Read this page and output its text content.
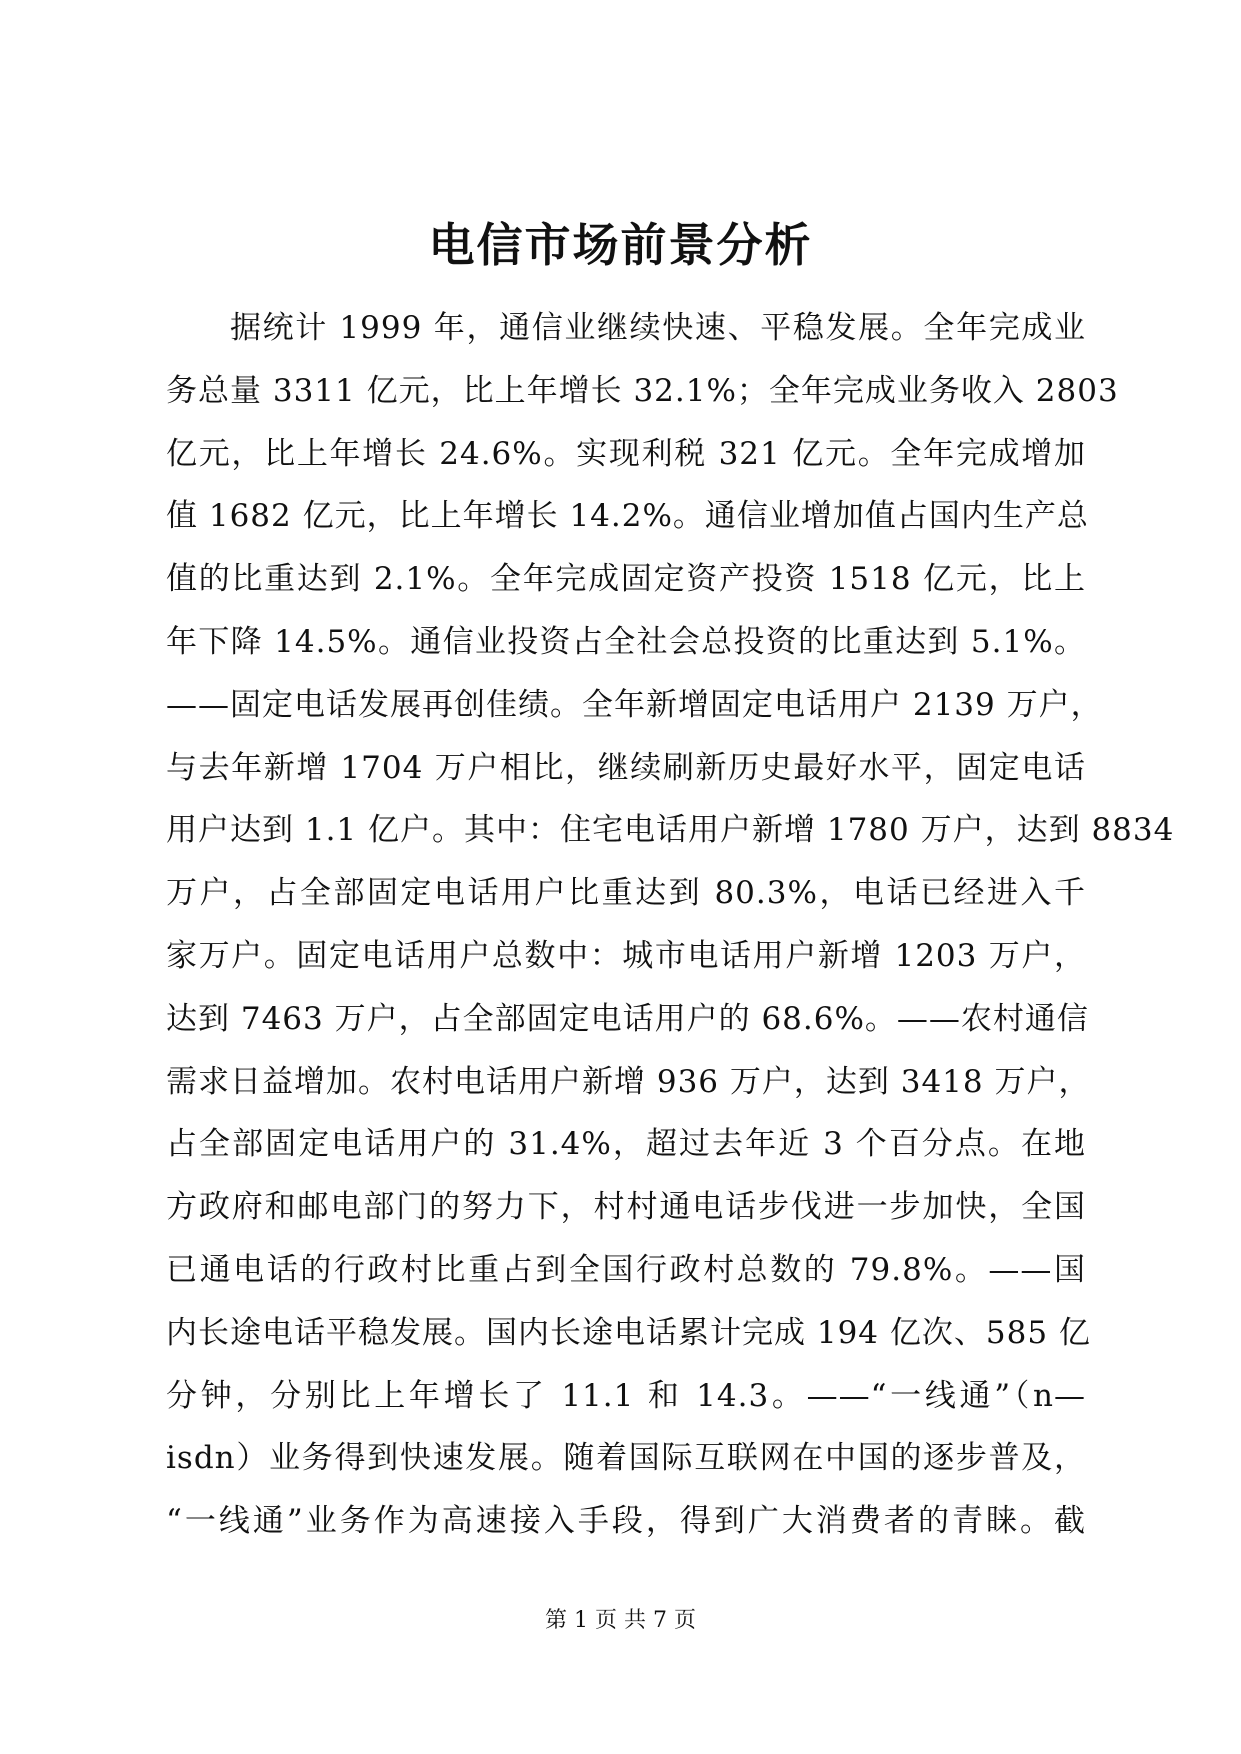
电信市场前景分析
据统计 1999 年，通信业继续快速、平稳发展。全年完成业
务总量 3311 亿元，比上年增长 32.1%；全年完成业务收入 2803
亿元，比上年增长 24.6%。实现利税 321 亿元。全年完成增加
值 1682 亿元，比上年增长 14.2%。通信业增加值占国内生产总
值的比重达到 2.1%。全年完成固定资产投资 1518 亿元，比上
年下降 14.5%。通信业投资占全社会总投资的比重达到 5.1%。
——固定电话发展再创佳绩。全年新增固定电话用户 2139 万户，
与去年新增 1704 万户相比，继续刷新历史最好水平，固定电话
用户达到 1.1 亿户。其中：住宅电话用户新增 1780 万户，达到 8834
万户，占全部固定电话用户比重达到 80.3%，电话已经进入千
家万户。固定电话用户总数中：城市电话用户新增 1203 万户，
达到 7463 万户，占全部固定电话用户的 68.6%。——农村通信
需求日益增加。农村电话用户新增 936 万户，达到 3418 万户，
占全部固定电话用户的 31.4%，超过去年近 3 个百分点。在地
方政府和邮电部门的努力下，村村通电话步伐进一步加快，全国
已通电话的行政村比重占到全国行政村总数的 79.8%。——国
内长途电话平稳发展。国内长途电话累计完成 194 亿次、585 亿
分钟，分别比上年增长了 11.1 和 14.3。——“一线通”（n—
isdn）业务得到快速发展。随着国际互联网在中国的逐步普及，
“一线通”业务作为高速接入手段，得到广大消费者的青睐。截
第 1 页 共 7 页
